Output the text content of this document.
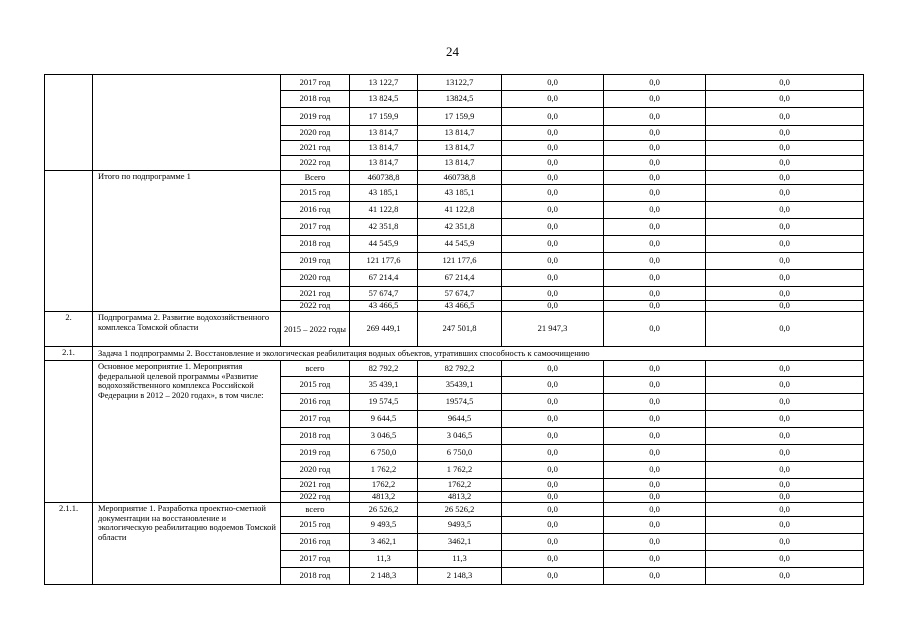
24
		2017 год	13 122,7	13122,7	0,0	0,0	0,0
		2018 год	13 824,5	13824,5	0,0	0,0	0,0
		2019 год	17 159,9	17 159,9	0,0	0,0	0,0
		2020 год	13 814,7	13 814,7	0,0	0,0	0,0
		2021 год	13 814,7	13 814,7	0,0	0,0	0,0
		2022 год	13 814,7	13 814,7	0,0	0,0	0,0
	Итого по подпрограмме 1	Всего	460738,8	460738,8	0,0	0,0	0,0
		2015 год	43 185,1	43 185,1	0,0	0,0	0,0
		2016 год	41 122,8	41 122,8	0,0	0,0	0,0
		2017 год	42 351,8	42 351,8	0,0	0,0	0,0
		2018 год	44 545,9	44 545,9	0,0	0,0	0,0
		2019 год	121 177,6	121 177,6	0,0	0,0	0,0
		2020 год	67 214,4	67 214,4	0,0	0,0	0,0
		2021 год	57 674,7	57 674,7	0,0	0,0	0,0
		2022 год	43 466,5	43 466,5	0,0	0,0	0,0
2.	Подпрограмма 2. Развитие водохозяйственного комплекса Томской области	2015 – 2022 годы	269 449,1	247 501,8	21 947,3	0,0	0,0
2.1.	Задача 1 подпрограммы 2. Восстановление и экологическая реабилитация водных объектов, утративших способность к самоочищению						
	Основное мероприятие 1. Мероприятия федеральной целевой программы «Развитие водохозяйственного комплекса Российской Федерации в 2012 – 2020 годах», в том числе:	всего	82 792,2	82 792,2	0,0	0,0	0,0
		2015 год	35 439,1	35439,1	0,0	0,0	0,0
		2016 год	19 574,5	19574,5	0,0	0,0	0,0
		2017 год	9 644,5	9644,5	0,0	0,0	0,0
		2018 год	3 046,5	3 046,5	0,0	0,0	0,0
		2019 год	6 750,0	6 750,0	0,0	0,0	0,0
		2020 год	1 762,2	1 762,2	0,0	0,0	0,0
		2021 год	1762,2	1762,2	0,0	0,0	0,0
		2022 год	4813,2	4813,2	0,0	0,0	0,0
2.1.1.	Мероприятие 1. Разработка проектно-сметной документации на восстановление и экологическую реабилитацию водоемов Томской области	всего	26 526,2	26 526,2	0,0	0,0	0,0
		2015 год	9 493,5	9493,5	0,0	0,0	0,0
		2016 год	3 462,1	3462,1	0,0	0,0	0,0
		2017 год	11,3	11,3	0,0	0,0	0,0
		2018 год	2 148,3	2 148,3	0,0	0,0	0,0
